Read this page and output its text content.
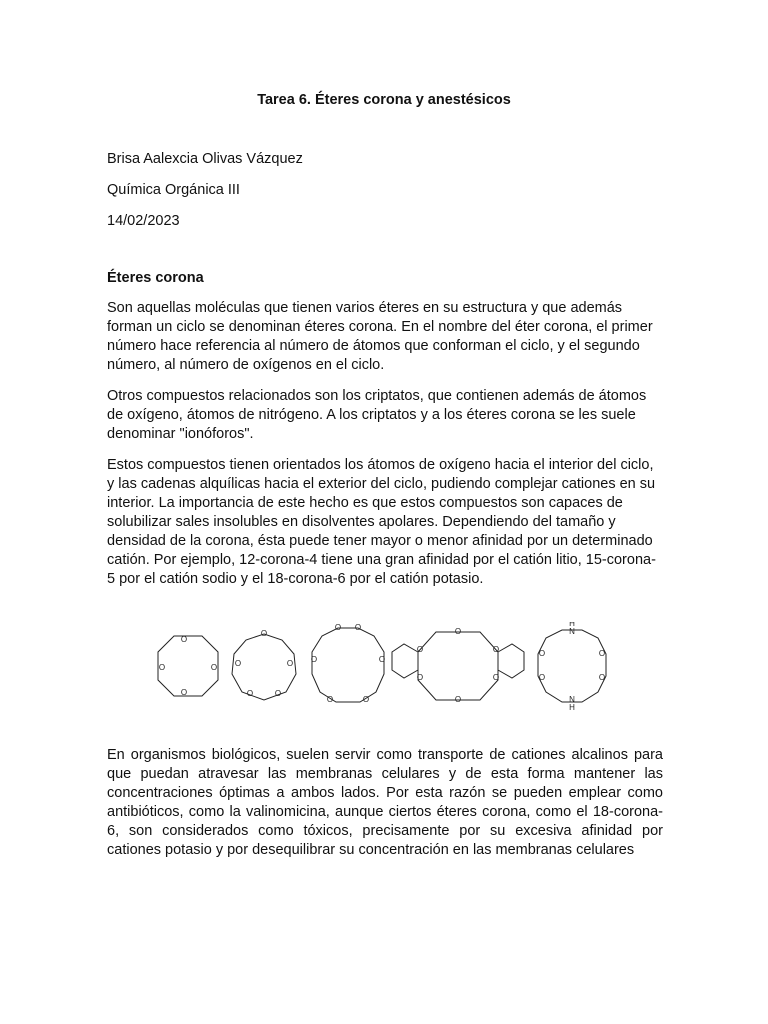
Tarea 6. Éteres corona y anestésicos

Brisa Aalexcia Olivas Vázquez

Química Orgánica III

14/02/2023

Éteres corona

Son aquellas moléculas que tienen varios éteres en su estructura y que además forman un ciclo se denominan éteres corona. En el nombre del éter corona, el primer número hace referencia al número de átomos que conforman el ciclo, y el segundo número, al número de oxígenos en el ciclo.

Otros compuestos relacionados son los criptatos, que contienen además de átomos de oxígeno, átomos de nitrógeno. A los criptatos y a los éteres corona se les suele denominar "ionóforos".

Estos compuestos tienen orientados los átomos de oxígeno hacia el interior del ciclo, y las cadenas alquílicas hacia el exterior del ciclo, pudiendo complejar cationes en su interior. La importancia de este hecho es que estos compuestos son capaces de solubilizar sales insolubles en disolventes apolares. Dependiendo del tamaño y densidad de la corona, ésta puede tener mayor o menor afinidad por un determinado catión. Por ejemplo, 12-corona-4 tiene una gran afinidad por el catión litio, 15-corona-5 por el catión sodio y el 18-corona-6 por el catión potasio.

O
O
O
O
O
O
O
O
O
O O
O
O
O
O
O
O	O
O	O
O
N
H
O	O
O	O
N
H

En organismos biológicos, suelen servir como transporte de cationes alcalinos para que puedan atravesar las membranas celulares y de esta forma mantener las concentraciones óptimas a ambos lados. Por esta razón se pueden emplear como antibióticos, como la valinomicina, aunque ciertos éteres corona, como el 18-corona-6, son considerados como tóxicos, precisamente por su excesiva afinidad por cationes potasio y por desequilibrar su concentración en las membranas celulares
